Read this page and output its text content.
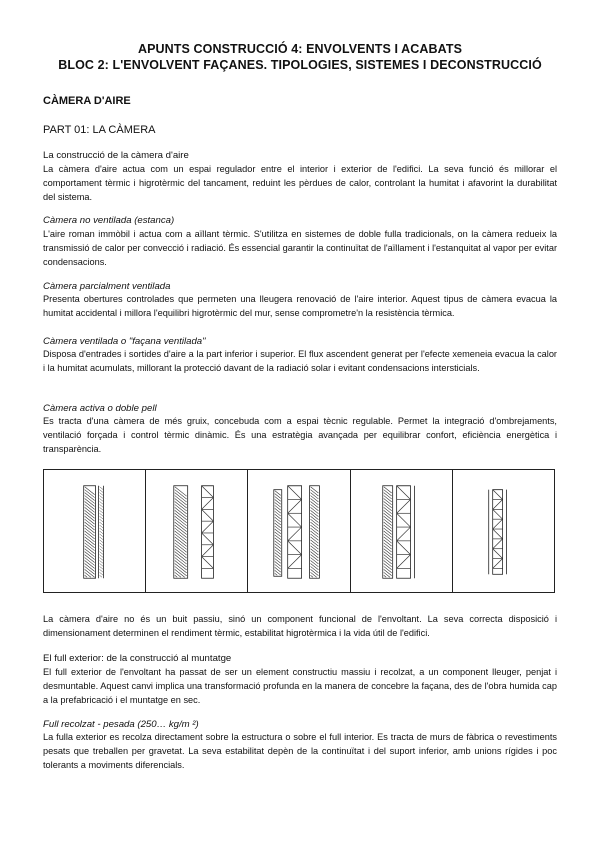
APUNTS CONSTRUCCIÓ 4: ENVOLVENTS I ACABATS
BLOC 2: L'ENVOLVENT FAÇANES. TIPOLOGIES, SISTEMES I DECONSTRUCCIÓ
CÀMERA D'AIRE
PART 01: LA CÀMERA
La construcció de la càmera d'aire

La càmera d'aire actua com un espai regulador entre el interior i exterior de l'edifici. La seva funció és millorar el comportament tèrmic i higrotèrmic del tancament, reduint les pèrdues de calor, controlant la humitat i afavorint la durabilitat del sistema.

Càmera no ventilada (estanca)

L'aire roman immòbil i actua com a aïllant tèrmic. S'utilitza en sistemes de doble fulla tradicionals, on la càmera redueix la transmissió de calor per convecció i radiació. És essencial garantir la continuïtat de l'aïllament i l'estanquitat al vapor per evitar condensacions.

Càmera parcialment ventilada

Presenta obertures controlades que permeten una lleugera renovació de l'aire interior. Aquest tipus de càmera evacua la humitat accidental i millora l'equilibri higrotèrmic del mur, sense comprometre'n la resistència tèrmica.

Càmera ventilada o "façana ventilada"

Disposa d'entrades i sortides d'aire a la part inferior i superior. El flux ascendent generat per l'efecte xemeneia evacua la calor i la humitat acumulats, millorant la protecció davant de la radiació solar i evitant condensacions intersticials.

Càmera activa o doble pell

Es tracta d'una càmera de més gruix, concebuda com a espai tècnic regulable. Permet la integració d'ombrejaments, ventilació forçada i control tèrmic dinàmic. És una estratègia avançada per equilibrar confort, eficiència energètica i transparència.

La càmera d'aire no és un buit passiu, sinó un component funcional de l'envoltant. La seva correcta disposició i dimensionament determinen el rendiment tèrmic, estabilitat higrotèrmica i la vida útil de l'edifici.

El full exterior: de la construcció al muntatge

El full exterior de l'envoltant ha passat de ser un element constructiu massiu i recolzat, a un component lleuger, penjat i desmuntable. Aquest canvi implica una transformació profunda en la manera de concebre la façana, des de l'obra humida cap a la prefabricació i el muntatge en sec.

Full recolzat - pesada (250… kg/m ²)

La fulla exterior es recolza directament sobre la estructura o sobre el full interior. Es tracta de murs de fàbrica o revestiments pesats que treballen per gravetat. La seva estabilitat depèn de la continuïtat i del suport inferior, amb unions rígides i poc tolerants a moviments diferencials.
